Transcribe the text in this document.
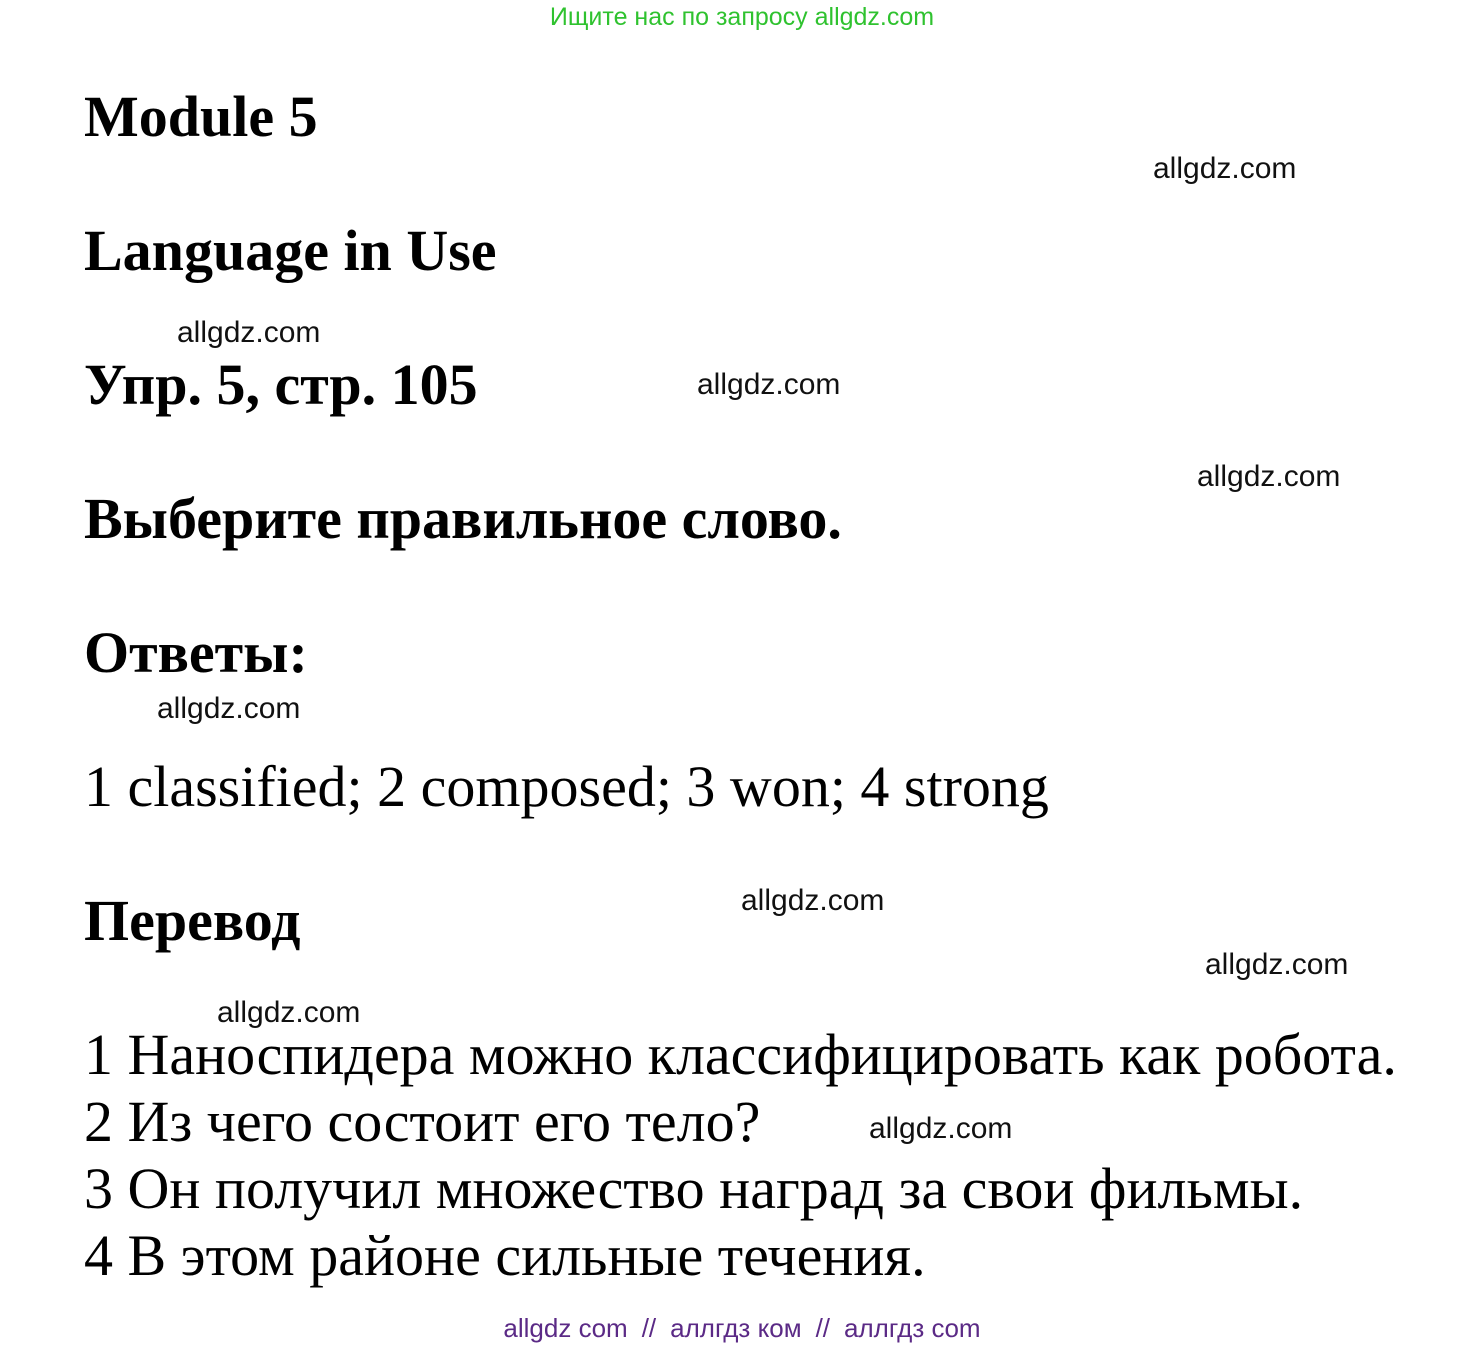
Ищите нас по запросу allgdz.com
Module 5
Language in Use
Упр. 5, стр. 105
Выберите правильное слово.
Ответы:

1 classified; 2 composed; 3 won; 4 strong

Перевод

1 Наноспидера можно классифицировать как робота.

2 Из чего состоит его тело?

3 Он получил множество наград за свои фильмы.

4 В этом районе сильные течения.

allgdz.com
allgdz.com
allgdz.com
allgdz.com
allgdz.com
allgdz.com
allgdz.com
allgdz.com
allgdz.com
allgdz com // аллгдз ком // аллгдз com
